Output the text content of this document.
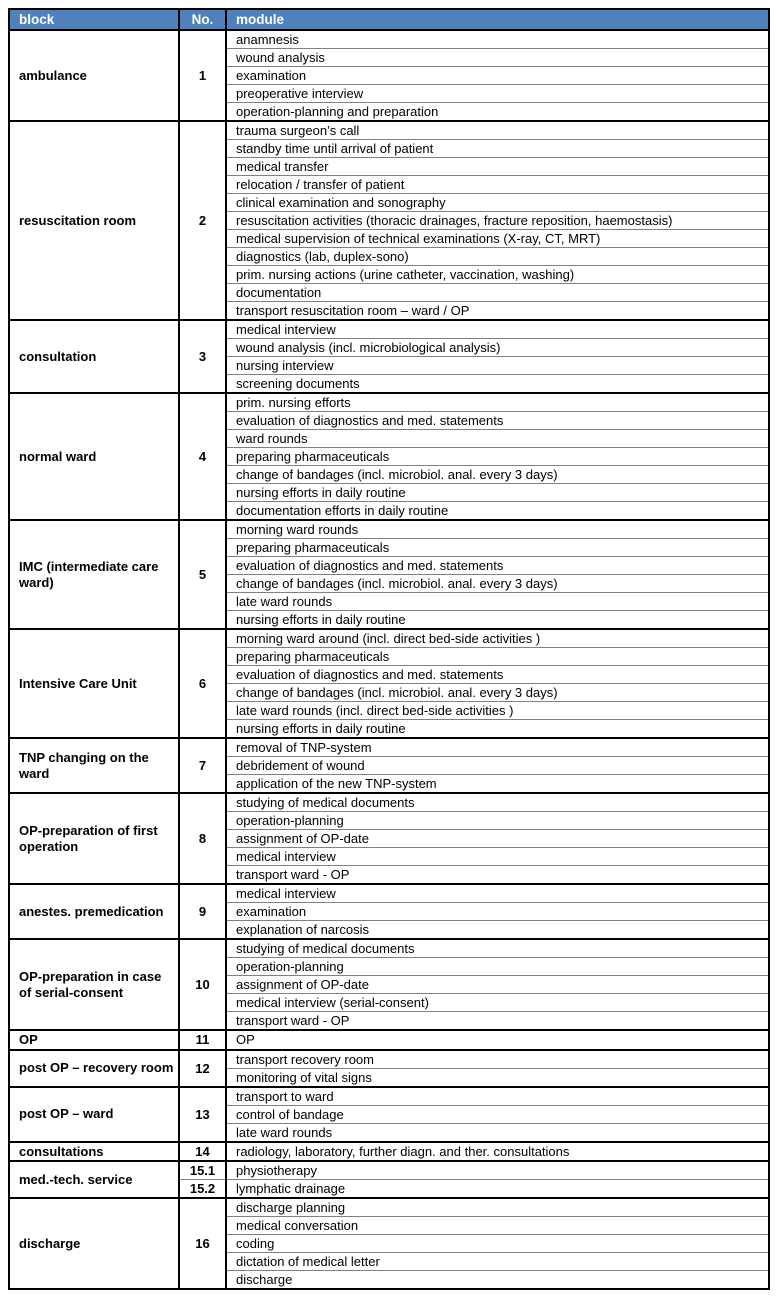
block	No.	module
ambulance	1	anamnesis
		wound analysis
		examination
		preoperative interview
		operation-planning and preparation
resuscitation room	2	trauma surgeon’s call
		standby time until arrival of patient
		medical transfer
		relocation / transfer of patient
		clinical examination and sonography
		resuscitation activities (thoracic drainages, fracture reposition, haemostasis)
		medical supervision of technical examinations (X-ray, CT, MRT)
		diagnostics (lab, duplex-sono)
		prim. nursing actions (urine catheter, vaccination, washing)
		documentation
		transport resuscitation room – ward / OP
consultation	3	medical interview
		wound analysis (incl. microbiological analysis)
		nursing interview
		screening documents
normal ward	4	prim. nursing efforts
		evaluation of diagnostics and med. statements
		ward rounds
		preparing pharmaceuticals
		change of bandages (incl. microbiol. anal. every 3 days)
		nursing efforts in daily routine
		documentation efforts in daily routine
IMC (intermediate care ward)	5	morning ward rounds
		preparing pharmaceuticals
		evaluation of diagnostics and med. statements
		change of bandages (incl. microbiol. anal. every 3 days)
		late ward rounds
		nursing efforts in daily routine
Intensive Care Unit	6	morning ward around (incl. direct bed-side activities )
		preparing pharmaceuticals
		evaluation of diagnostics and med. statements
		change of bandages (incl. microbiol. anal. every 3 days)
		late ward rounds (incl. direct bed-side activities )
		nursing efforts in daily routine
TNP changing on the ward	7	removal of TNP-system
		debridement of wound
		application of the new TNP-system
OP-preparation of first operation	8	studying of medical documents
		operation-planning
		assignment of OP-date
		medical interview
		transport ward - OP
anestes. premedication	9	medical interview
		examination
		explanation of narcosis
OP-preparation in case of serial-consent	10	studying of medical documents
		operation-planning
		assignment of OP-date
		medical interview (serial-consent)
		transport ward - OP
OP	11	OP
post OP – recovery room	12	transport recovery room
		monitoring of vital signs
post OP – ward	13	transport to ward
		control of bandage
		late ward rounds
consultations	14	radiology, laboratory, further diagn. and ther. consultations
med.-tech. service	15.1	physiotherapy
	15.2	lymphatic drainage
discharge	16	discharge planning
		medical conversation
		coding
		dictation of medical letter
		discharge
